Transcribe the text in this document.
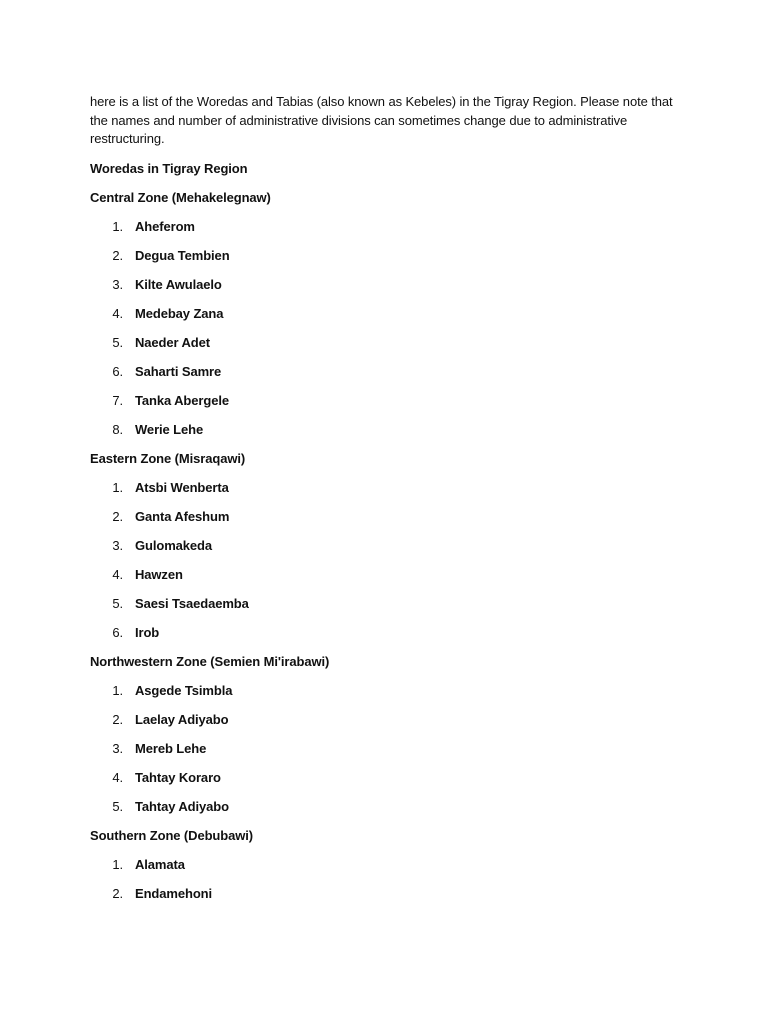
here is a list of the Woredas and Tabias (also known as Kebeles) in the Tigray Region. Please note that the names and number of administrative divisions can sometimes change due to administrative restructuring.

Woredas in Tigray Region
Central Zone (Mehakelegnaw)
1. Aheferom
2. Degua Tembien
3. Kilte Awulaelo
4. Medebay Zana
5. Naeder Adet
6. Saharti Samre
7. Tanka Abergele
8. Werie Lehe
Eastern Zone (Misraqawi)
1. Atsbi Wenberta
2. Ganta Afeshum
3. Gulomakeda
4. Hawzen
5. Saesi Tsaedaemba
6. Irob
Northwestern Zone (Semien Mi'irabawi)
1. Asgede Tsimbla
2. Laelay Adiyabo
3. Mereb Lehe
4. Tahtay Koraro
5. Tahtay Adiyabo
Southern Zone (Debubawi)
1. Alamata
2. Endamehoni
